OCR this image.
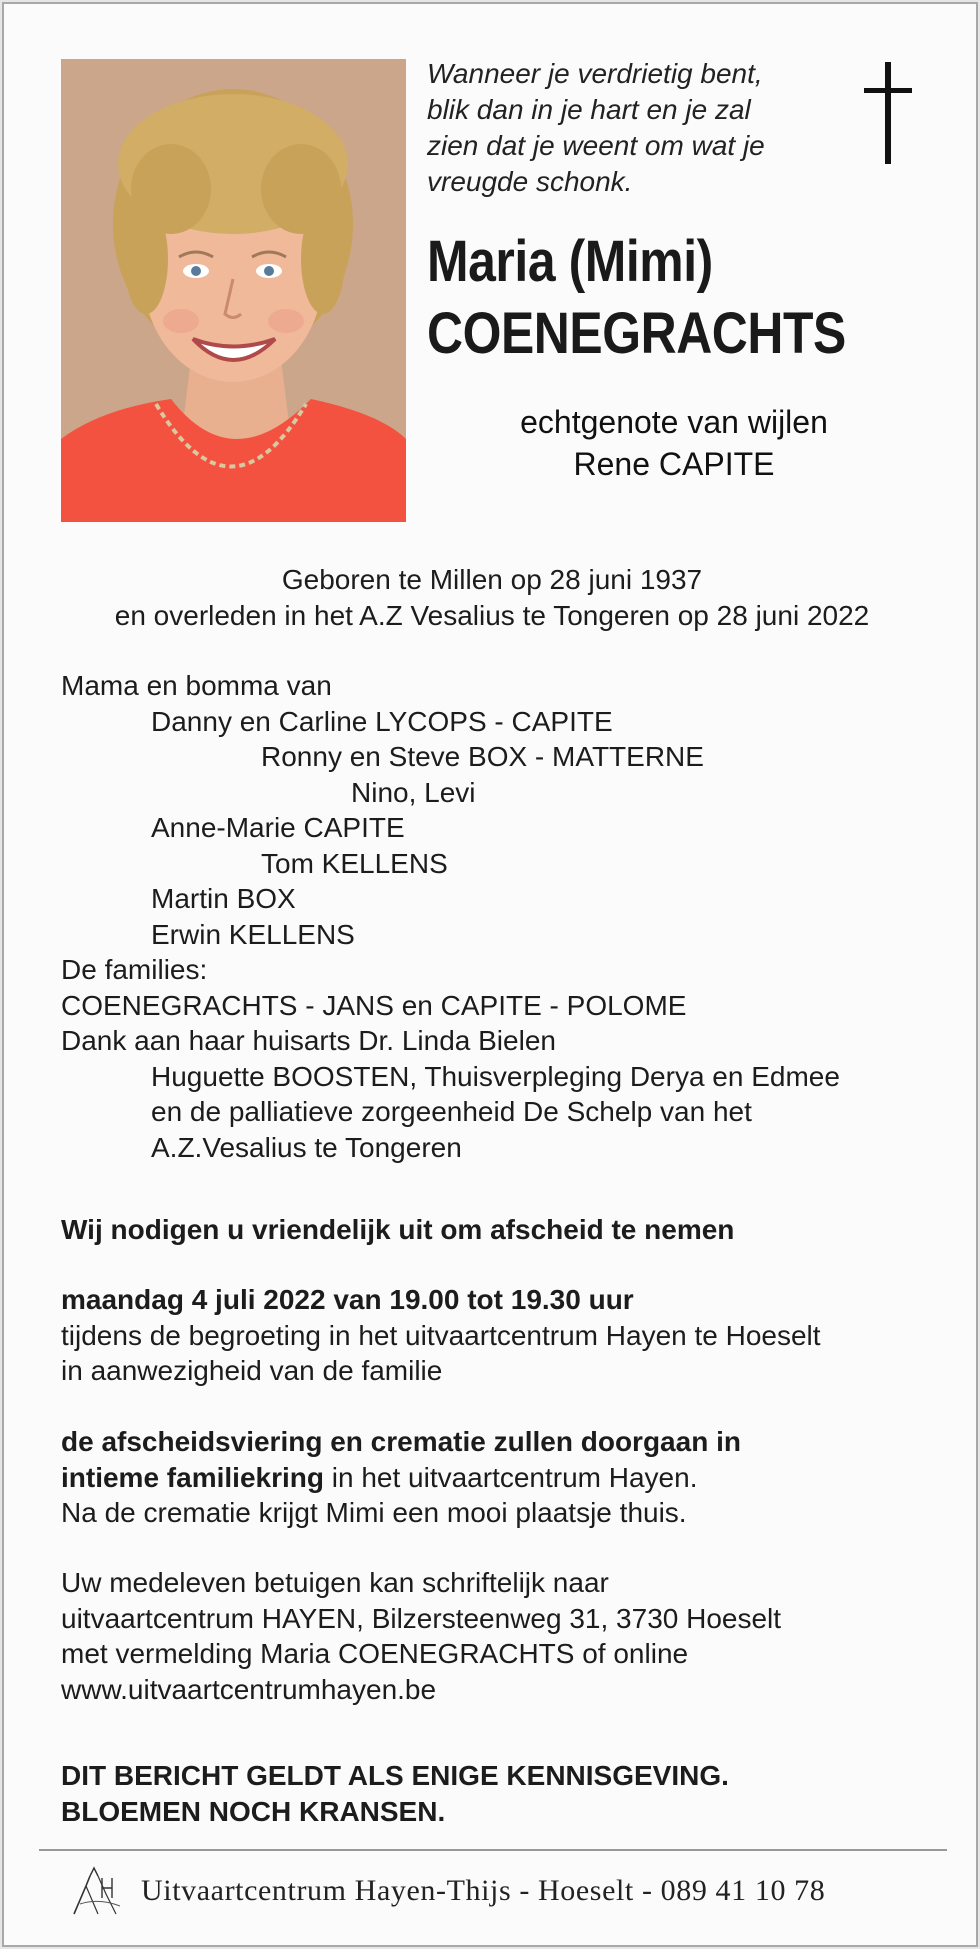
Wanneer je verdrietig bent,
blik dan in je hart en je zal
zien dat je weent om wat je
vreugde schonk.
Maria (Mimi)
COENEGRACHTS
echtgenote van wijlen
Rene CAPITE
Geboren te Millen op 28 juni 1937
en overleden in het A.Z Vesalius te Tongeren op 28 juni 2022
Mama en bomma van
Danny en Carline LYCOPS - CAPITE
Ronny en Steve BOX - MATTERNE
Nino, Levi
Anne-Marie CAPITE
Tom KELLENS
Martin BOX
Erwin KELLENS
De families:
COENEGRACHTS - JANS en CAPITE - POLOME
Dank aan haar huisarts Dr. Linda Bielen
Huguette BOOSTEN, Thuisverpleging Derya en Edmee
en de palliatieve zorgeenheid De Schelp van het
A.Z.Vesalius te Tongeren
Wij nodigen u vriendelijk uit om afscheid te nemen
maandag 4 juli 2022 van 19.00 tot 19.30 uur
tijdens de begroeting in het uitvaartcentrum Hayen te Hoeselt
in aanwezigheid van de familie
de afscheidsviering en crematie zullen doorgaan in
intieme familiekring in het uitvaartcentrum Hayen.
Na de crematie krijgt Mimi een mooi plaatsje thuis.
Uw medeleven betuigen kan schriftelijk naar
uitvaartcentrum HAYEN, Bilzersteenweg 31, 3730 Hoeselt
met vermelding Maria COENEGRACHTS of online
www.uitvaartcentrumhayen.be
DIT BERICHT GELDT ALS ENIGE KENNISGEVING.
BLOEMEN NOCH KRANSEN.
Uitvaartcentrum Hayen-Thijs - Hoeselt - 089 41 10 78
